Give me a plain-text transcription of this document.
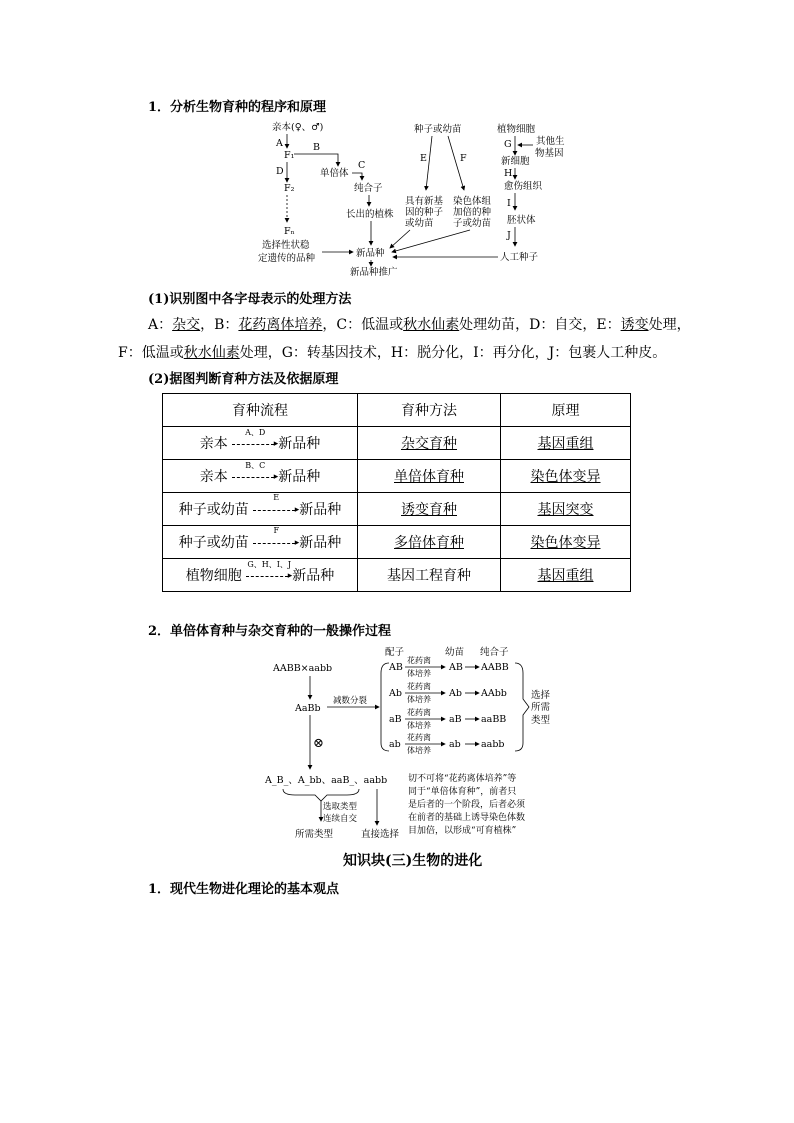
1．分析生物育种的程序和原理
亲本(♀、♂)
A
F₁
B
单倍体
C
纯合子
长出的植株
D
F₂
Fₙ
选择性状稳
定遗传的品种	新品种
新品种推广
种子或幼苗
E	F
具有新基
因的种子
或幼苗
染色体组
加倍的种
子或幼苗
植物细胞
G	其他生
物基因
新细胞
H
愈伤组织
I
胚状体
J
人工种子
(1)识别图中各字母表示的处理方法
A：杂交，B：花药离体培养，C：低温或秋水仙素处理幼苗，D：自交，E：诱变处理，
F：低温或秋水仙素处理，G：转基因技术，H：脱分化，I：再分化，J：包裹人工种皮。
(2)据图判断育种方法及依据原理
育种流程	育种方法	原理
亲本
A、D
▸ 新品种	杂交育种	基因重组
亲本
B、C
▸ 新品种	单倍体育种	染色体变异
种子或幼苗
E
▸ 新品种	诱变育种	基因突变
种子或幼苗
F
▸ 新品种	多倍体育种	染色体变异
植物细胞
G、H、I、J
▸ 新品种	基因工程育种	基因重组
2．单倍体育种与杂交育种的一般操作过程
AABB×aabb
AaBb
减数分裂
配子	幼苗 纯合子
AB
花药离
体培养
AB AABB
Ab
花药离
体培养
Ab AAbb
aB
花药离
体培养
aB aaBB
ab
花药离
体培养
ab aabb
选择
所需
类型
⊗
A_B_、A_bb、aaB_、aabb
选取类型
连续自交
所需类型	直接选择
切不可将“花药离体培养”等
同于“单倍体育种”，前者只
是后者的一个阶段，后者必须
在前者的基础上诱导染色体数
目加倍，以形成“可育植株”
知识块(三)生物的进化
1．现代生物进化理论的基本观点
